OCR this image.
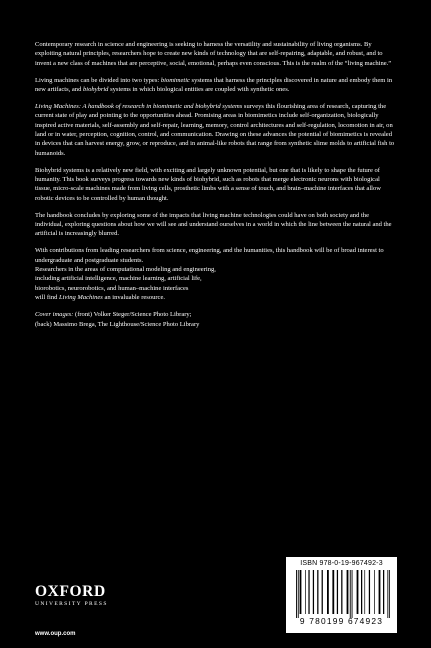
Contemporary research in science and engineering is seeking to harness the versatility and sustainability of living organisms. By exploiting natural principles, researchers hope to create new kinds of technology that are self-repairing, adaptable, and robust, and to invent a new class of machines that are perceptive, social, emotional, perhaps even conscious. This is the realm of the “living machine.”

Living machines can be divided into two types: biomimetic systems that harness the principles discovered in nature and embody them in new artifacts, and biohybrid systems in which biological entities are coupled with synthetic ones.

Living Machines: A handbook of research in biomimetic and biohybrid systems surveys this flourishing area of research, capturing the current state of play and pointing to the opportunities ahead. Promising areas in biomimetics include self-organization, biologically inspired active materials, self-assembly and self-repair, learning, memory, control architectures and self-regulation, locomotion in air, on land or in water, perception, cognition, control, and communication. Drawing on these advances the potential of biomimetics is revealed in devices that can harvest energy, grow, or reproduce, and in animal-like robots that range from synthetic slime molds to artificial fish to humanoids.

Biohybrid systems is a relatively new field, with exciting and largely unknown potential, but one that is likely to shape the future of humanity. This book surveys progress towards new kinds of biohybrid, such as robots that merge electronic neurons with biological tissue, micro-scale machines made from living cells, prosthetic limbs with a sense of touch, and brain–machine interfaces that allow robotic devices to be controlled by human thought.

The handbook concludes by exploring some of the impacts that living machine technologies could have on both society and the individual, exploring questions about how we will see and understand ourselves in a world in which the line between the natural and the artificial is increasingly blurred.

With contributions from leading researchers from science, engineering, and the humanities, this handbook will be of broad interest to undergraduate and postgraduate students.
Researchers in the areas of computational modeling and engineering,
including artificial intelligence, machine learning, artificial life,
biorobotics, neurorobotics, and human–machine interfaces
will find Living Machines an invaluable resource.

Cover images: (front) Volker Steger/Science Photo Library;
(back) Massimo Brega, The Lighthouse/Science Photo Library
OXFORD
UNIVERSITY PRESS
www.oup.com
ISBN 978-0-19-967492-3
9 780199 674923
